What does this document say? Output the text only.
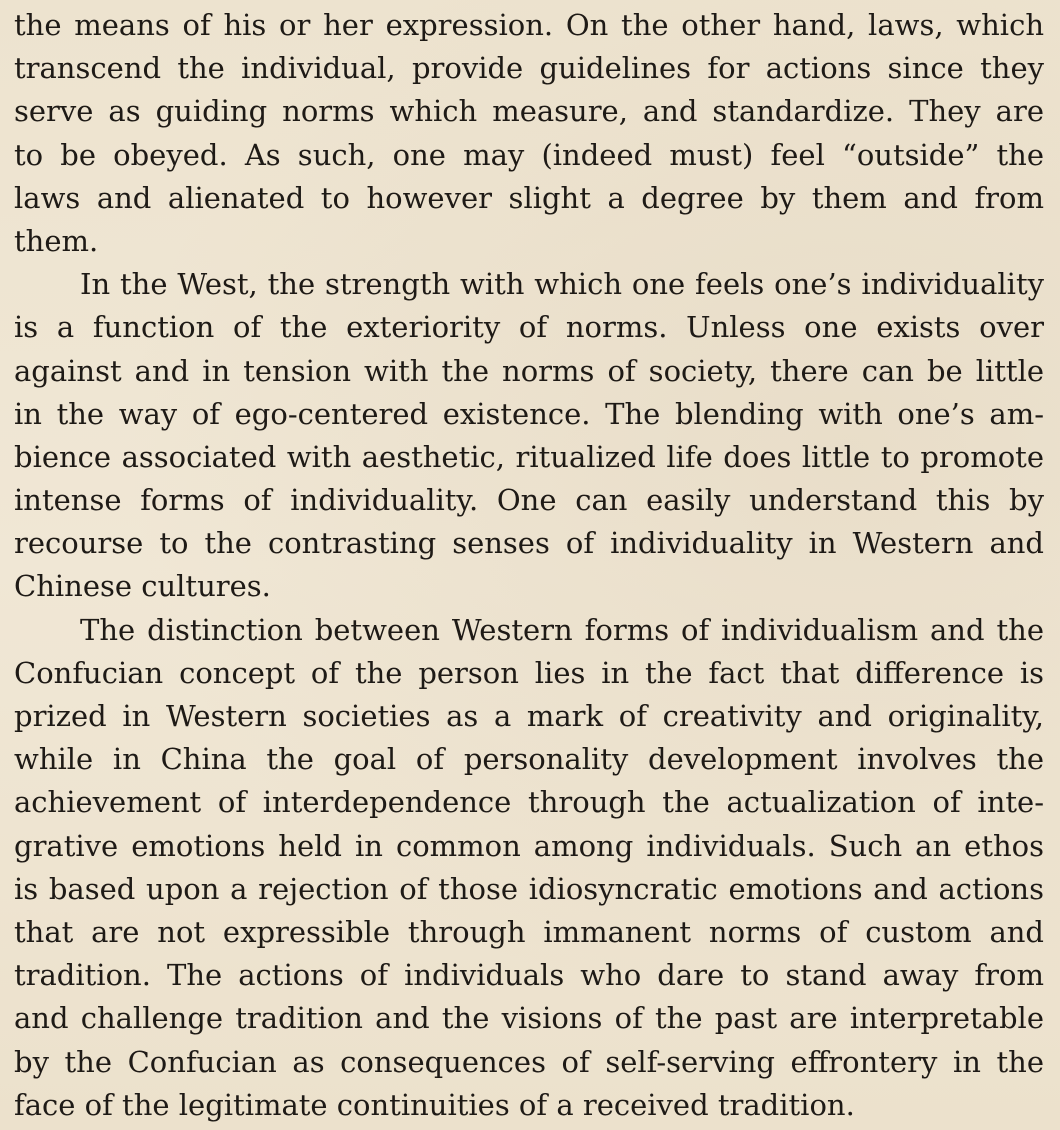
the means of his or her expression. On the other hand, laws, which
transcend the individual, provide guidelines for actions since they
serve as guiding norms which measure, and standardize. They are
to be obeyed. As such, one may (indeed must) feel “outside” the
laws and alienated to however slight a degree by them and from
them.
In the West, the strength with which one feels one’s individuality
is a function of the exteriority of norms. Unless one exists over
against and in tension with the norms of society, there can be little
in the way of ego-centered existence. The blending with one’s am-
bience associated with aesthetic, ritualized life does little to promote
intense forms of individuality. One can easily understand this by
recourse to the contrasting senses of individuality in Western and
Chinese cultures.
The distinction between Western forms of individualism and the
Confucian concept of the person lies in the fact that difference is
prized in Western societies as a mark of creativity and originality,
while in China the goal of personality development involves the
achievement of interdependence through the actualization of inte-
grative emotions held in common among individuals. Such an ethos
is based upon a rejection of those idiosyncratic emotions and actions
that are not expressible through immanent norms of custom and
tradition. The actions of individuals who dare to stand away from
and challenge tradition and the visions of the past are interpretable
by the Confucian as consequences of self-serving effrontery in the
face of the legitimate continuities of a received tradition.
